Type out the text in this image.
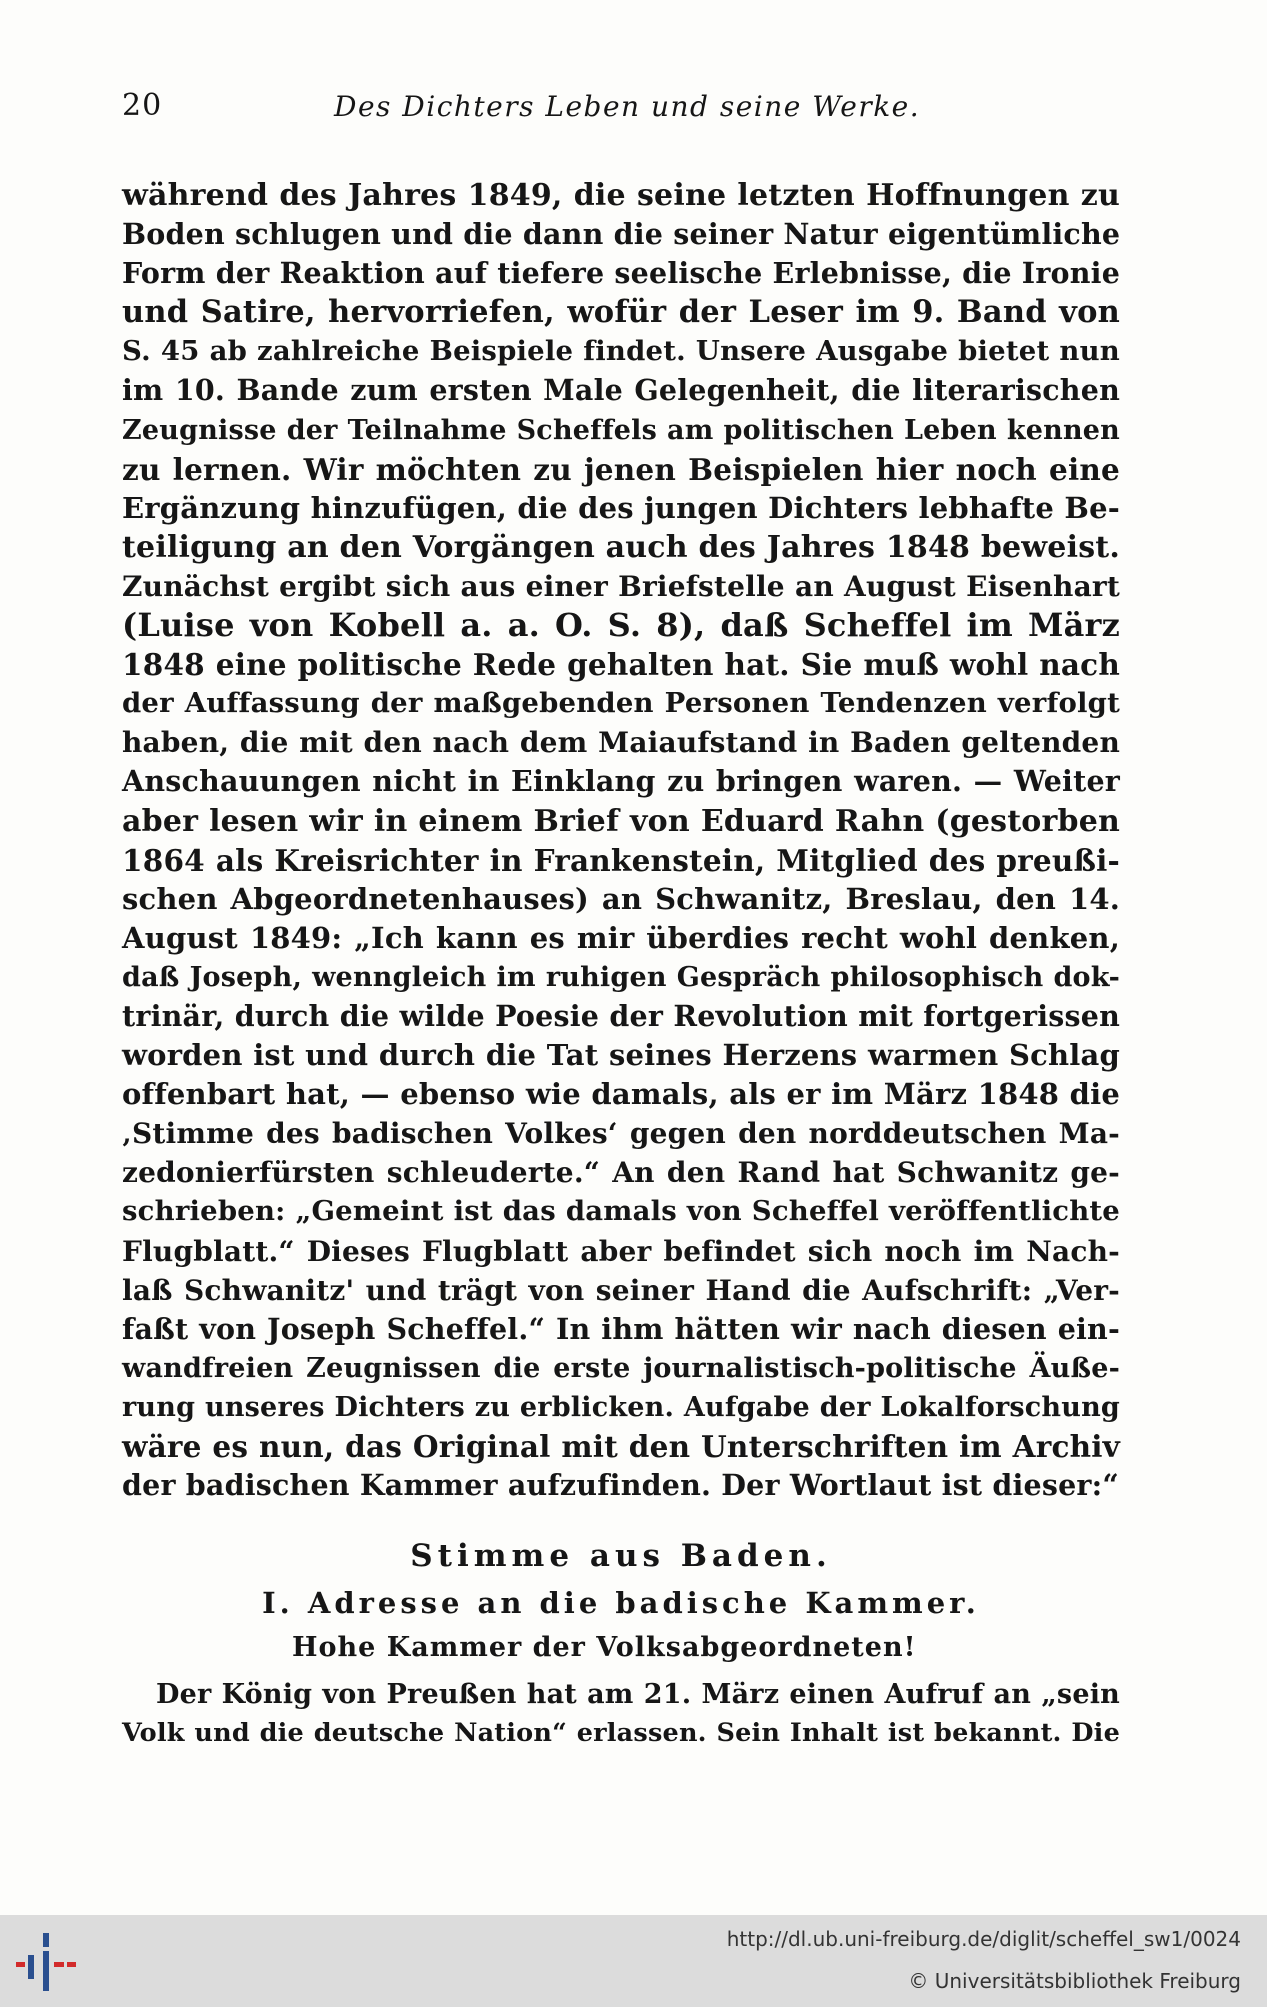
20	Des Dichters Leben und seine Werke.
während des Jahres 1849, die seine letzten Hoffnungen zu
Boden schlugen und die dann die seiner Natur eigentümliche
Form der Reaktion auf tiefere seelische Erlebnisse, die Ironie
und Satire, hervorriefen, wofür der Leser im 9. Band von
S. 45 ab zahlreiche Beispiele findet. Unsere Ausgabe bietet nun
im 10. Bande zum ersten Male Gelegenheit, die literarischen
Zeugnisse der Teilnahme Scheffels am politischen Leben kennen
zu lernen. Wir möchten zu jenen Beispielen hier noch eine
Ergänzung hinzufügen, die des jungen Dichters lebhafte Be-
teiligung an den Vorgängen auch des Jahres 1848 beweist.
Zunächst ergibt sich aus einer Briefstelle an August Eisenhart
(Luise von Kobell a. a. O. S. 8), daß Scheffel im März
1848 eine politische Rede gehalten hat. Sie muß wohl nach
der Auffassung der maßgebenden Personen Tendenzen verfolgt
haben, die mit den nach dem Maiaufstand in Baden geltenden
Anschauungen nicht in Einklang zu bringen waren. — Weiter
aber lesen wir in einem Brief von Eduard Rahn (gestorben
1864 als Kreisrichter in Frankenstein, Mitglied des preußi-
schen Abgeordnetenhauses) an Schwanitz, Breslau, den 14.
August 1849: „Ich kann es mir überdies recht wohl denken,
daß Joseph, wenngleich im ruhigen Gespräch philosophisch dok-
trinär, durch die wilde Poesie der Revolution mit fortgerissen
worden ist und durch die Tat seines Herzens warmen Schlag
offenbart hat, — ebenso wie damals, als er im März 1848 die
‚Stimme des badischen Volkes‘ gegen den norddeutschen Ma-
zedonierfürsten schleuderte.“ An den Rand hat Schwanitz ge-
schrieben: „Gemeint ist das damals von Scheffel veröffentlichte
Flugblatt.“ Dieses Flugblatt aber befindet sich noch im Nach-
laß Schwanitz' und trägt von seiner Hand die Aufschrift: „Ver-
faßt von Joseph Scheffel.“ In ihm hätten wir nach diesen ein-
wandfreien Zeugnissen die erste journalistisch-politische Äuße-
rung unseres Dichters zu erblicken. Aufgabe der Lokalforschung
wäre es nun, das Original mit den Unterschriften im Archiv
der badischen Kammer aufzufinden. Der Wortlaut ist dieser:“
Stimme aus Baden.
I. Adresse an die badische Kammer.
Hohe Kammer der Volksabgeordneten!
Der König von Preußen hat am 21. März einen Aufruf an „sein
Volk und die deutsche Nation“ erlassen. Sein Inhalt ist bekannt. Die
http://dl.ub.uni-freiburg.de/diglit/scheffel_sw1/0024
© Universitätsbibliothek Freiburg
